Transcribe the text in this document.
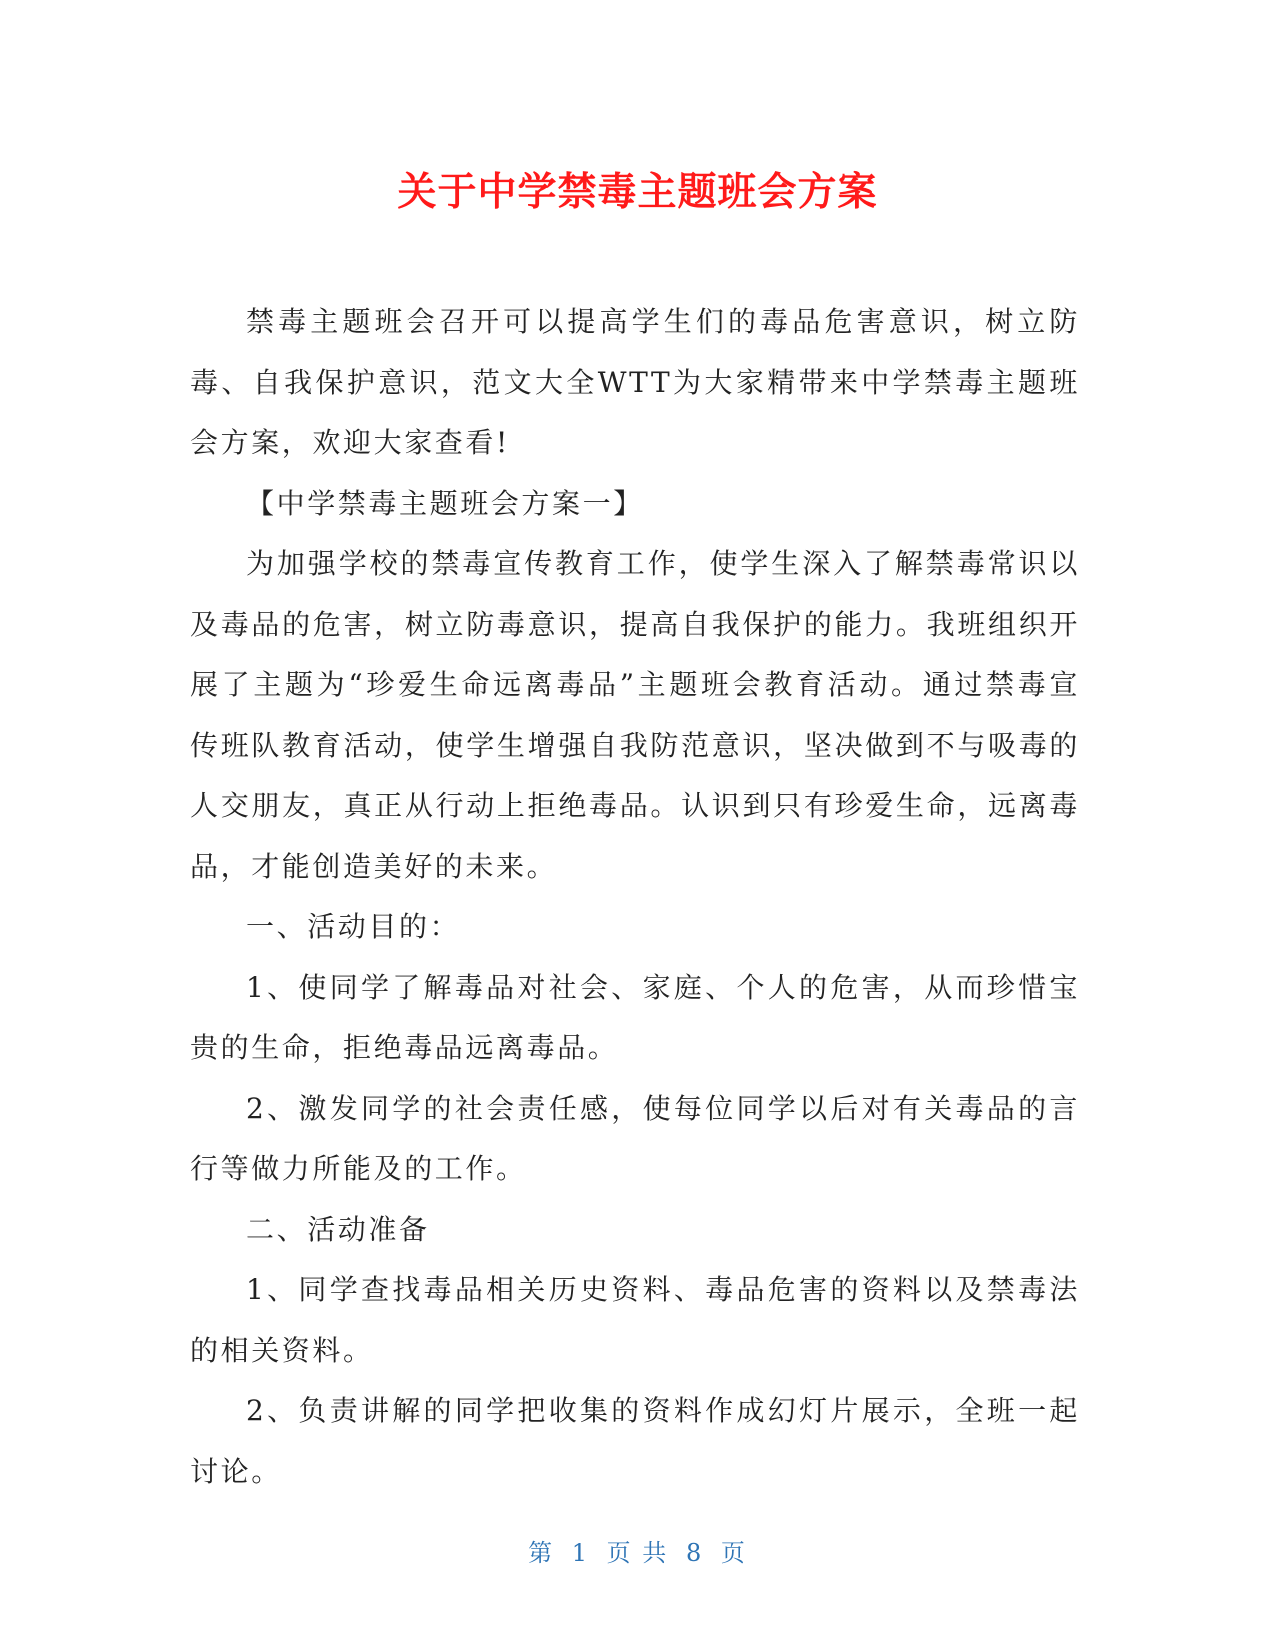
关于中学禁毒主题班会方案

禁毒主题班会召开可以提高学生们的毒品危害意识，树立防毒、自我保护意识，范文大全WTT为大家精带来中学禁毒主题班会方案，欢迎大家查看!

【中学禁毒主题班会方案一】

为加强学校的禁毒宣传教育工作，使学生深入了解禁毒常识以及毒品的危害，树立防毒意识，提高自我保护的能力。我班组织开展了主题为“珍爱生命远离毒品”主题班会教育活动。通过禁毒宣传班队教育活动，使学生增强自我防范意识，坚决做到不与吸毒的人交朋友，真正从行动上拒绝毒品。认识到只有珍爱生命，远离毒品，才能创造美好的未来。

一、活动目的：

1、使同学了解毒品对社会、家庭、个人的危害，从而珍惜宝贵的生命，拒绝毒品远离毒品。

2、激发同学的社会责任感，使每位同学以后对有关毒品的言行等做力所能及的工作。

二、活动准备

1、同学查找毒品相关历史资料、毒品危害的资料以及禁毒法的相关资料。

2、负责讲解的同学把收集的资料作成幻灯片展示，全班一起讨论。

第 1 页 共 8 页
